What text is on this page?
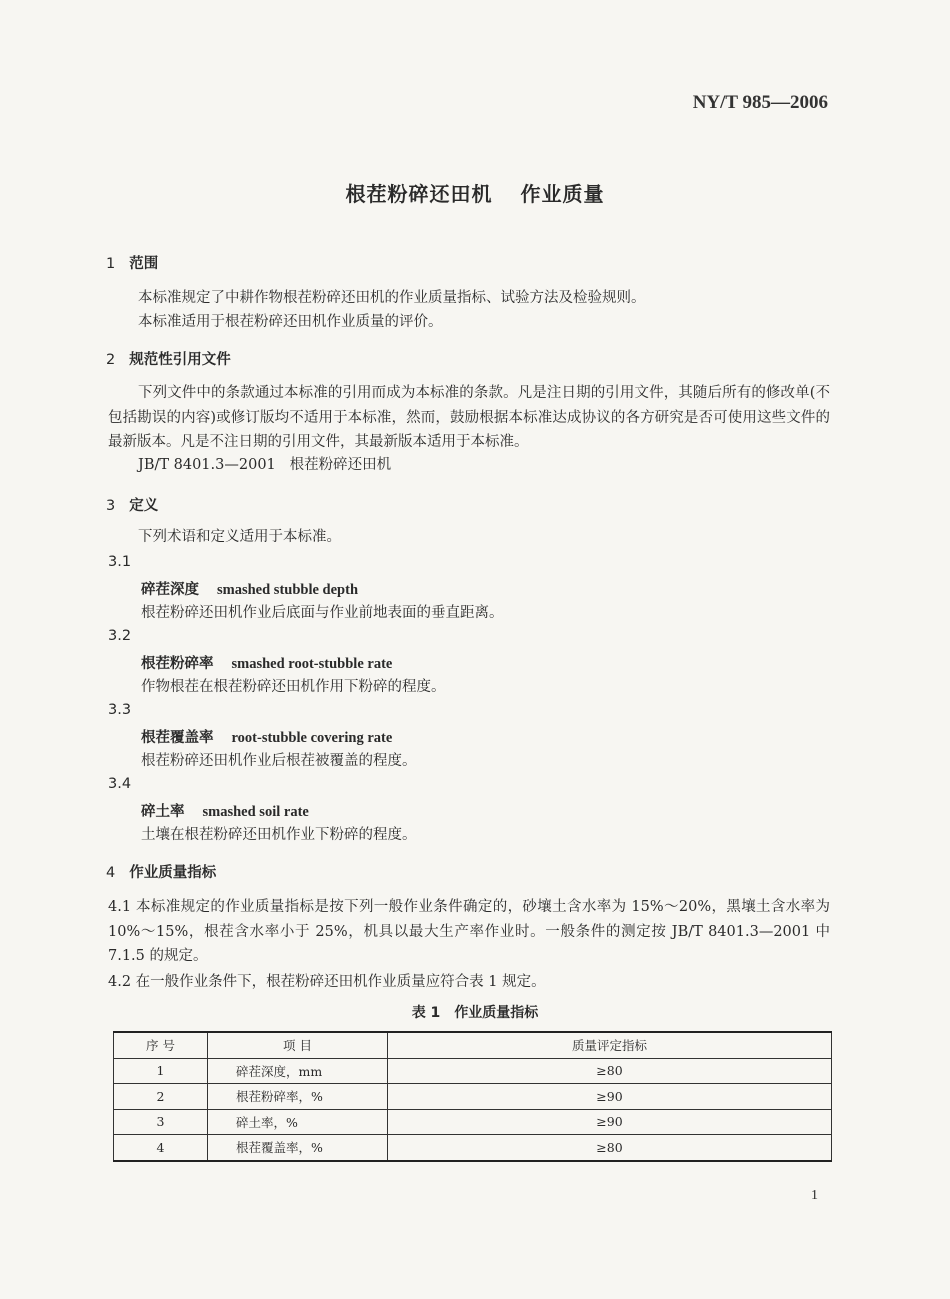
NY/T 985—2006
根茬粉碎还田机 作业质量
1 范围
本标准规定了中耕作物根茬粉碎还田机的作业质量指标、试验方法及检验规则。
本标准适用于根茬粉碎还田机作业质量的评价。
2 规范性引用文件
下列文件中的条款通过本标准的引用而成为本标准的条款。凡是注日期的引用文件，其随后所有的修改单(不包括勘误的内容)或修订版均不适用于本标准，然而，鼓励根据本标准达成协议的各方研究是否可使用这些文件的最新版本。凡是不注日期的引用文件，其最新版本适用于本标准。
JB/T 8401.3—2001 根茬粉碎还田机
3 定义
下列术语和定义适用于本标准。
3.1
碎茬深度 smashed stubble depth
根茬粉碎还田机作业后底面与作业前地表面的垂直距离。
3.2
根茬粉碎率 smashed root-stubble rate
作物根茬在根茬粉碎还田机作用下粉碎的程度。
3.3
根茬覆盖率 root-stubble covering rate
根茬粉碎还田机作业后根茬被覆盖的程度。
3.4
碎土率 smashed soil rate
土壤在根茬粉碎还田机作业下粉碎的程度。
4 作业质量指标
4.1 本标准规定的作业质量指标是按下列一般作业条件确定的，砂壤土含水率为 15%～20%，黑壤土含水率为 10%～15%，根茬含水率小于 25%，机具以最大生产率作业时。一般条件的测定按 JB/T 8401.3—2001 中 7.1.5 的规定。
4.2 在一般作业条件下，根茬粉碎还田机作业质量应符合表 1 规定。
表 1 作业质量指标
序 号	项 目	质量评定指标
1	碎茬深度，mm	≥80
2	根茬粉碎率，%	≥90
3	碎土率，%	≥90
4	根茬覆盖率，%	≥80
1
